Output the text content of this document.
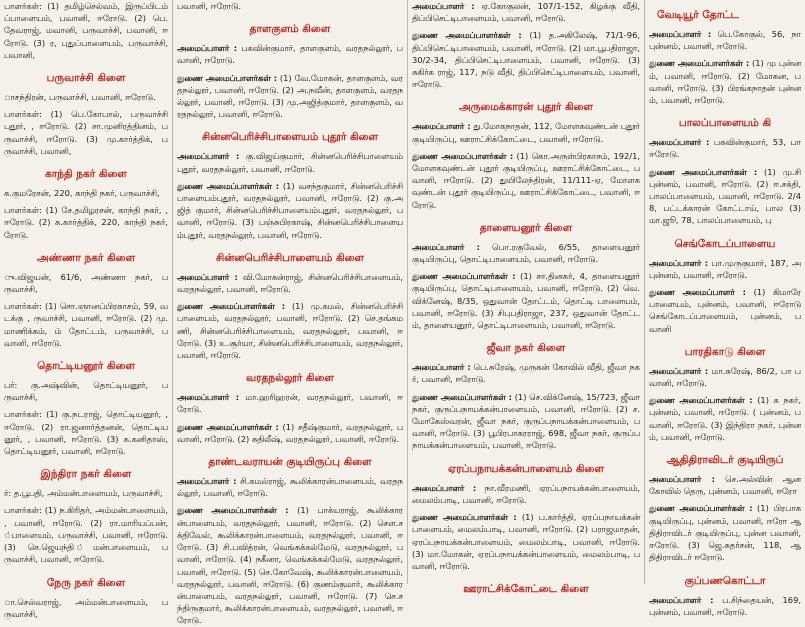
பாளர்கள்: (1) தமிழ்செல்வம், இருப்பிடம் ப்பாளையம், பவானி, ஈரோடு. (2) பெ.தேவராஜ், மவானி, பருவாச்சி, பவானி, ஈரோடு. (3) ர, புதுப்பாளையம், பருவாச்சி, பவானி,

பருவாச்சி கிளை

ாசந்திரன், பருவாச்சி, பவானி, ஈரோடு.

பாளர்கள்: (1) பெ.கோபால், பருவாச்சி புதூர், , ஈரோடு. (2) சா.முனிரத்தினம், பருவாச்சி, ஈரோடு. (3) மு.கார்த்திக், பருவாச்சி, பவானி,

காந்தி நகர் கிளை

க.குமரேசன், 220, காந்தி நகர், பருவாச்சி,

பாளர்கள்: (1) சே.தமிழரசன், காந்தி நகர், , ஈரோடு. (2) க.கார்த்திக், 220, காந்தி நகர், ரோடு.

அண்ணா நகர் கிளை

ு.விஜயன், 61/6, அண்ணா நகர், பருவாச்சி,

பாளர்கள்: (1) சொ.ஞானப்பிரகாசம், 59, வடக்கு , ருவாச்சி, பவானி, ஈரோடு. (2) மு.மாணிக்கம், ம் தோட்டம், பருவாச்சி, பவானி, ஈரோடு.

தொட்டியனூர் கிளை

பர்: கு.அஷ்வின், தொட்டியனூர், பருவாச்சி,

பாளர்கள்: (1) கு.நடராஜ், தொட்டியனூர், , ஈரோடு. (2) ரா.ஜனார்த்தனன், தொட்டியனூர், , பவானி, ஈரோடு. (3) க.கனிதாஸ், தொட்டியனூர், பவானி, ஈரோடு.

இந்திரா நகர் கிளை

ர்: த.பூபதி, அம்மன்பாளையம், பருவாச்சி,

பாளர்கள்: (1) ந.கிரிதர், அம்மன்பாளையம், , பவானி, ஈரோடு. (2) ரா.மாரியப்பன், ்பாளையம், பருவாச்சி, பவானி, ஈரோடு. (3) செ.ஜெயந்தி ்மன்பாளையம், பருவாச்சி, பவானி, ஈரோடு.

நேரு நகர் கிளை

ா.செல்வராஜ், அம்மன்பாளையம், பருவாச்சி,

பவானி, ஈரோடு.

தாளகுளம் கிளை

அமைப்பாளர் : பகவின்குமார், தாளகுளம், வரதநல்லூர், பவானி, ஈரோடு.

துணை அமைப்பாளர்கள் : (1) வே.மோகன், தாளகுளம், வரதநல்லூர், பவானி, ஈரோடு. (2) அ.நவீன், தாளகுளம், வரதநல்லூர், பவானி, ஈரோடு. (3) மு.அஜித்குமார், தாளகுளம், வரதநல்லூர், பவானி, ஈரோடு.

சின்னபெரிச்சிபாளையம் புதூர் கிளை

அமைப்பாளர் : கு.விஜய்குமார், சின்னபெரிச்சிபாளையம் புதூர், வரதநல்லூர், பவானி, ஈரோடு.

துணை அமைப்பாளர்கள் : (1) வசந்தகுமார், சின்னபெரிச்சி பாளையம்புதூர், வரதநல்லூர், பவானி, ஈரோடு. (2) கு.அஜித் குமார், சின்னபெரிச்சிபாளையம்புதூர், வரதநல்லூர், பவானி, ஈரோடு. (3) பஞ்சுபிரகாஷ், சின்னபெரிச்சிபாளையம்புதூர், வரதநல்லூர், பவானி, ஈரோடு.

சின்னபெரிச்சிபாளையம் கிளை

அமைப்பாளர் : வி.மோகன்ராஜ், சின்னபெரிச்சிபாளையம், வரதநல்லூர், பவானி, ஈரோடு.

துணை அமைப்பாளர்கள் : (1) மு.கமல், சின்னபெரிச்சி பாளையம், வரதநல்லூர், பவானி, ஈரோடு. (2) செ.தங்கமணி, சின்னபெரிச்சிபாளையம், வரதநல்லூர், பவானி, ஈரோடு. (3) உ.சூர்யா, சின்னபெரிச்சிபாளையம், வரதநல்லூர், பவானி, ஈரோடு.

வரதநல்லூர் கிளை

அமைப்பாளர் : மா.ஹரிஹரன், வரதநல்லூர், பவானி, ஈரோடு.

துணை அமைப்பாளர்கள் : (1) சதீஷ்குமார், வரதநல்லூர், பவானி, ஈரோடு. (2) சுதிலீஷ், வரதநல்லூர், பவானி, ஈரோடு.

தாண்டவராயன் குடியிருப்பு கிளை

அமைப்பாளர் : சி.கமல்ராஜ், கூலிக்காரன்பாளையம், வரதநல்லூர், பவானி, ஈரோடு.

துணை அமைப்பாளர்கள் : (1) பாக்யராஜ், கூலிக்காரன்பாளையம், வரதநல்லூர், பவானி, ஈரோடு. (2) சௌ.சக்திவேல், கூலிக்காரன்பாளையம், வரதநல்லூர், பவானி, ஈரோடு. (3) சி.பவித்ரன், வெங்கக்கல்மேடு, வரதநல்லூர், பவானி, ஈரோடு. (4) நகீனா, வெங்கக்கல்மேடு, வரதநல்லூர், பவானி, ஈரோடு. (5) செ.கோவேஷ், கூலிக்காரன்பாளையம், வரதநல்லூர், பவானி, ஈரோடு. (6) குணம்குமார், கூலிக்காரன்பாளையம், வரதநல்லூர், பவானி, ஈரோடு. (7) செ.சந்திருகுமார், கூலிக்காரன்பாளையம், வரதநல்லூர், பவானி, ஈரோடு.

அமைப்பாளர் : ஏ.கோகுலன், 107/1-152, கிழக்கு வீதி, திப்பிசெட்டிபாளையம், பவானி, ஈரோடு.

துணை அமைப்பாளர்கள் : (1) த.அகிலேஷ், 71/1-96, திப்பிசெட்டிபாளையம், பவானி, ஈரோடு. (2) மா.பூபதிராஜா, 30/2-34, திப்பிசெட்டிபாளையம், பவானி, ஈரோடு. (3) சுகிர்க ராஜ், 117, நடு வீதி, திப்பிசெட்டிபாளையம், பவானி, ஈரோடு.

அருமைக்காரன் புதூர் கிளை

அமைப்பாளர் : து.மோகநாதன், 112, மோளகவுண்டன் புதூர் குடியிருப்பு, ஊராட்சிக்கோட்டை, பவானி, ஈரோடு.

துணை அமைப்பாளர்கள் : (1) கொ.அருள்பிரகாசம், 192/1, மோளகவுண்டன் புதூர் குடியிருப்பு, ஊராட்சிக்கோட்டை, பவானி, ஈரோடு. (2) துயிலேந்திரன், 11/111-ஏ, மோளகவுண்டன் புதூர் குடியிருப்பு, ஊராட்சிக்கோட்டை, பவானி, ஈரோடு.

தாளையனூர் கிளை

அமைப்பாளர் : பொ.ரகுவேல், 6/55, தாளையனூர் குடியிருப்பு, தொட்டிபாளையம், பவானி, ஈரோடு.

துணை அமைப்பாளர்கள் : (1) சா.தினகர், 4, தாளையனூர் குடியிருப்பு, தொட்டிபாளையம், பவானி, ஈரோடு. (2) வெ.விக்னேஷ், 8/35, ஒதுவான் தோட்டம், தொட்டி பாளையம், பவானி, ஈரோடு. (3) சிபுபதிராஜா, 237, ஒதுவான் தோட்டம், தாளையனூர், தொட்டிபாளையம், பவானி, ஈரோடு.

ஜீவா நகர் கிளை

அமைப்பாளர் : பெ.சுரேஷ், முருகன் கோவில் வீதி, ஜீவா நகர், பவானி, ஈரோடு.

துணை அமைப்பாளர்கள் : (1) செ.விக்னேஷ், 15/723, ஜீவா நகர், குருப்பநாயக்கன்பாளையம், பவானி, ஈரோடு. (2) ச.மோகேஸ்வரன், ஜீவா நகர், குருப்பநாயக்கன்பாளையம், பவானி, ஈரோடு. (3) பூபிரபாகரராஜ், 698, ஜீவா நகர், குருப்பநாயக்கன்பாளையம், பவானி, ஈரோடு.

ஏரப்பநாயக்கன்பாளையம் கிளை

அமைப்பாளர் : நா.வீரமணி, ஏரப்பநாயக்கன்பாளையம், மைலம்பாடி, பவானி, ஈரோடு.

துணை அமைப்பாளர்கள் : (1) ப.கார்த்தி, ஏரப்பநாயக்கன் பாளையம், மைலம்பாடி, பவானி, ஈரோடு. (2) பராஜமாதன், ஏரப்பநாயக்கன்பாளையம், மைலம்பாடி, பவானி, ஈரோடு. (3) மா.மோகன், ஏரப்பநாயக்கன்பாளையம், மைலம்பாடி, பவானி, ஈரோடு.

ஊராட்சிக்கோட்டை கிளை
வேடியூர் தோட்ட

அமைப்பாளர் : பெ.கோகுல், 56, நா புன்னம், பவானி, ஈரோடு.

துணை அமைப்பாளர்கள் : (1) மு புன்னம், பவானி, ஈரோடு. (2) மோகன, பவானி, ஈரோடு. (3) பிரங்கநாதன் புன்னம், பவானி, ஈரோடு.

பாலப்பாளையம் கி

அமைப்பாளர் : பகவின்குமார், 53, பா ஈரோடு.

துணை அமைப்பாளர்கள் : (1) மு.சி புன்னம், பவானி, ஈரோடு. (2) ஈ.சக்தி, பாலப்பாளையம், பவானி, ஈரோடு. 2/48, பட்டக்காரன் கோட்டாய், பால (3) மா.ஜூ, 78, பாலப்பாளையம், பு

செங்கோடப்பாளைய

அமைப்பாளர் : பா.முருகுமார், 187, அ புன்னம், பவானி, ஈரோடு.

துணை அமைப்பாளர் : (1) கிமாரே பாளையம், புன்னம், பவானி, ஈரோடு செங்கோடப்பாளையம், புன்னம், பவானி

பாரதிகாடு கிளை

அமைப்பாளர் : மா.சுரேஷ், 86/2, பா பவானி, ஈரோடு.

துணை அமைப்பாளர்கள் : (1) க நகர், புன்னம், பவானி, ஈரோடு. ( புன்னம், பவானி, ஈரோடு. (3) இந்திரா நகர், புன்னம், பவானி, ஈரோடு.

ஆதிதிராவிடர் குடியிருப்

அமைப்பாளர் : செ.அல்வின் ஆன கோவில் தெரு, புன்னம், பவானி, ஈரோ

துணை அமைப்பாளர்கள் : (1) பிரபாக குடியிருப்பு, புன்னம், பவானி, ஈரோ ஆதிதிராவிடர் குடியிருப்பு, புன்ன பவானி, ஈரோடு. (3) ஜெ.சுதர்சன், 118, ஆதிதிராவிடர் ஈரோடு.

குப்பணகொட்டா

அமைப்பாளர் : ப.சிந்தையன், 169, புன்னம், பவானி, ஈரோடு.
